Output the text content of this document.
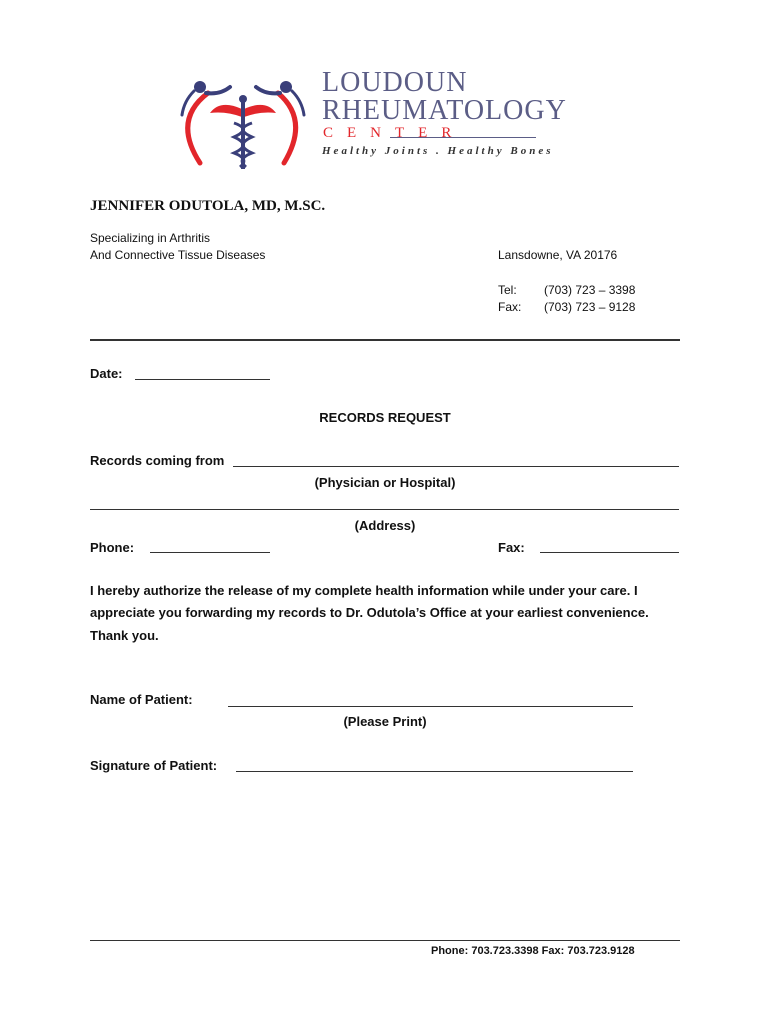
LOUDOUN
RHEUMATOLOGY
CENTER
Healthy Joints . Healthy Bones
JENNIFER ODUTOLA, MD, M.SC.
Specializing in Arthritis
And Connective Tissue Diseases	Lansdowne, VA 20176
Tel: (703) 723 – 3398
Fax: (703) 723 – 9128
Date:
RECORDS REQUEST
Records coming from
(Physician or Hospital)
(Address)
Phone:	Fax:
I hereby authorize the release of my complete health information while under your care. I
appreciate you forwarding my records to Dr. Odutola’s Office at your earliest convenience.
Thank you.
Name of Patient:
(Please Print)
Signature of Patient:
Phone: 703.723.3398 Fax: 703.723.9128
